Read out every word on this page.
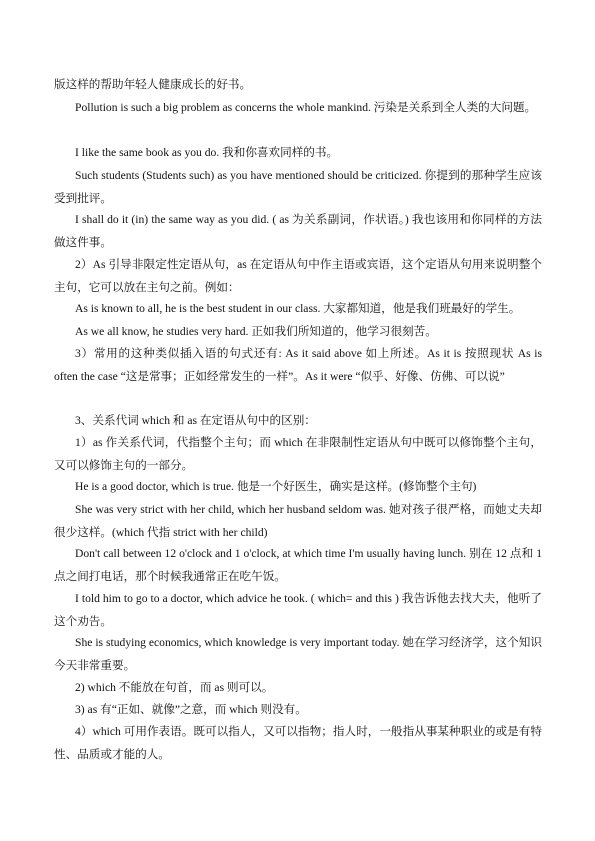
版这样的帮助年轻人健康成长的好书。

Pollution is such a big problem as concerns the whole mankind. 污染是关系到全人类的大问题。

I like the same book as you do. 我和你喜欢同样的书。

Such students (Students such) as you have mentioned should be criticized. 你提到的那种学生应该受到批评。

I shall do it (in) the same way as you did. ( as 为关系副词，作状语。) 我也该用和你同样的方法做这件事。

2）As 引导非限定性定语从句，as 在定语从句中作主语或宾语，这个定语从句用来说明整个主句，它可以放在主句之前。例如：

As is known to all, he is the best student in our class. 大家都知道，他是我们班最好的学生。

As we all know, he studies very hard. 正如我们所知道的，他学习很刻苦。

3）常用的这种类似插入语的句式还有: As it said above 如上所述。As it is 按照现状 As is often the case “这是常事；正如经常发生的一样”。As it were “似乎、好像、仿佛、可以说”

3、关系代词 which 和 as 在定语从句中的区别：

1）as 作关系代词，代指整个主句；而 which 在非限制性定语从句中既可以修饰整个主句，又可以修饰主句的一部分。

He is a good doctor, which is true. 他是一个好医生，确实是这样。(修饰整个主句)

She was very strict with her child, which her husband seldom was. 她对孩子很严格，而她丈夫却很少这样。(which 代指 strict with her child)

Don't call between 12 o'clock and 1 o'clock, at which time I'm usually having lunch. 别在 12 点和 1 点之间打电话，那个时候我通常正在吃午饭。

I told him to go to a doctor, which advice he took. ( which= and this ) 我告诉他去找大夫，他听了这个劝告。

She is studying economics, which knowledge is very important today. 她在学习经济学，这个知识今天非常重要。

2) which 不能放在句首，而 as 则可以。

3) as 有“正如、就像”之意，而 which 则没有。

4）which 可用作表语。既可以指人，又可以指物；指人时，一般指从事某种职业的或是有特性、品质或才能的人。
